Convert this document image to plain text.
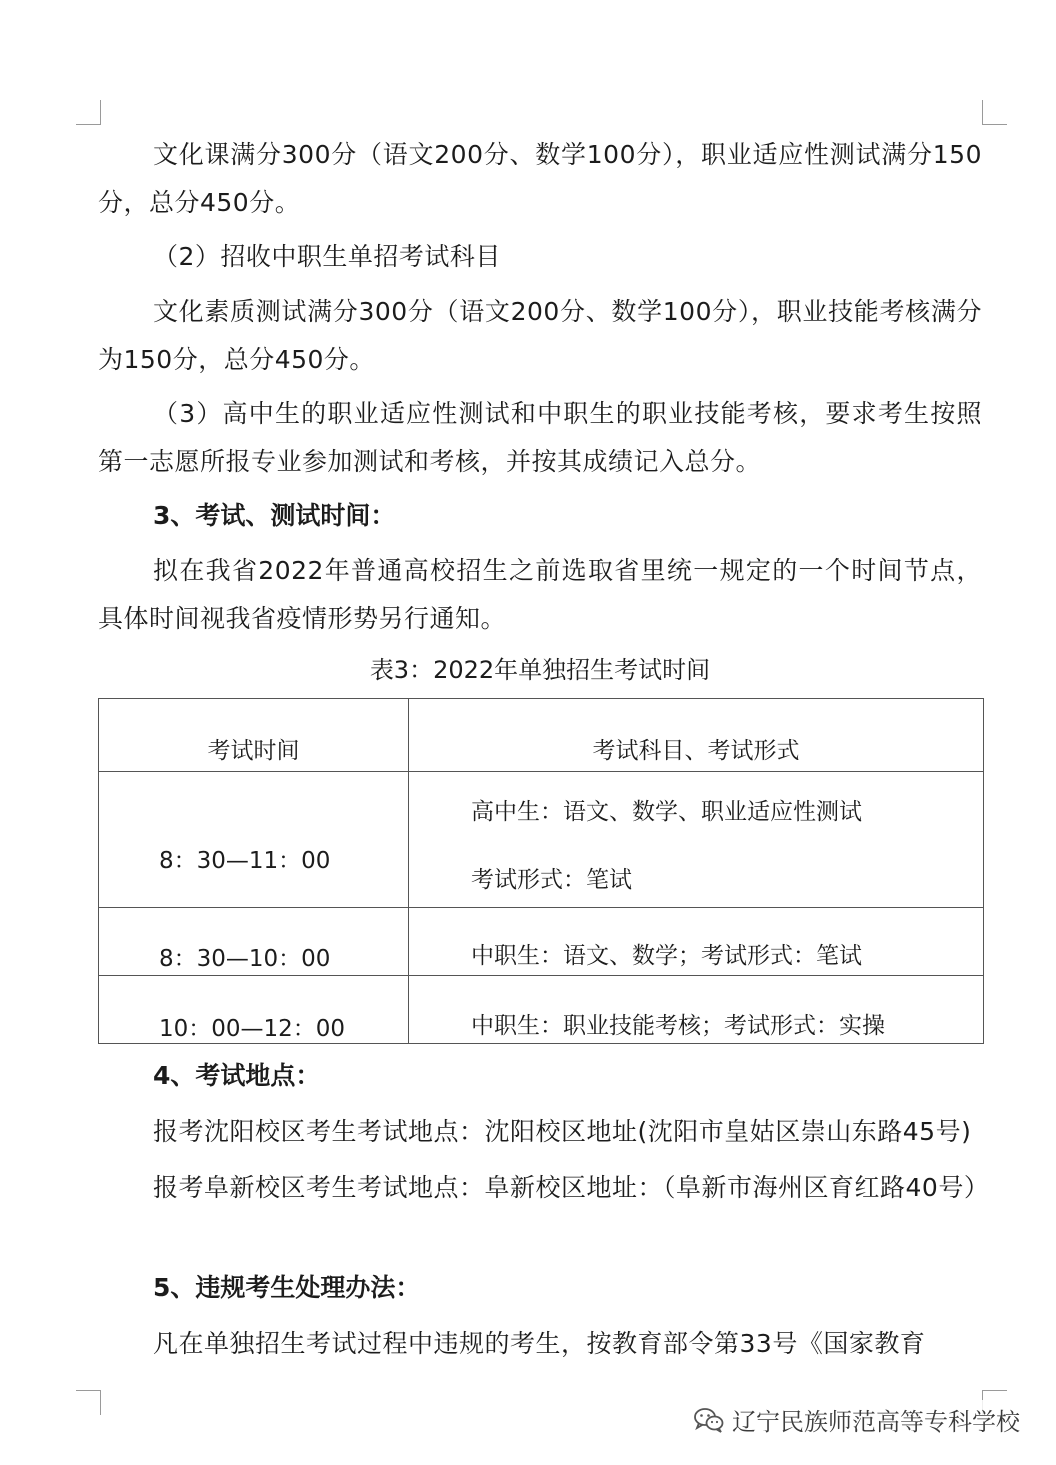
文化课满分300分（语文200分、数学100分），职业适应性测试满分150分，总分450分。

（2）招收中职生单招考试科目

文化素质测试满分300分（语文200分、数学100分），职业技能考核满分为150分，总分450分。

（3）高中生的职业适应性测试和中职生的职业技能考核，要求考生按照第一志愿所报专业参加测试和考核，并按其成绩记入总分。

3、考试、测试时间：

拟在我省2022年普通高校招生之前选取省里统一规定的一个时间节点，具体时间视我省疫情形势另行通知。

表3：2022年单独招生考试时间

考试时间	考试科目、考试形式
8：30—11：00	高中生：语文、数学、职业适应性测试
考试形式：笔试

8：30—10：00	中职生：语文、数学；考试形式：笔试

10：00—12：00	中职生：职业技能考核；考试形式：实操

4、考试地点：

报考沈阳校区考生考试地点：沈阳校区地址(沈阳市皇姑区崇山东路45号)

报考阜新校区考生考试地点：阜新校区地址：（阜新市海州区育红路40号）

5、违规考生处理办法：

凡在单独招生考试过程中违规的考生，按教育部令第33号《国家教育

辽宁民族师范高等专科学校
